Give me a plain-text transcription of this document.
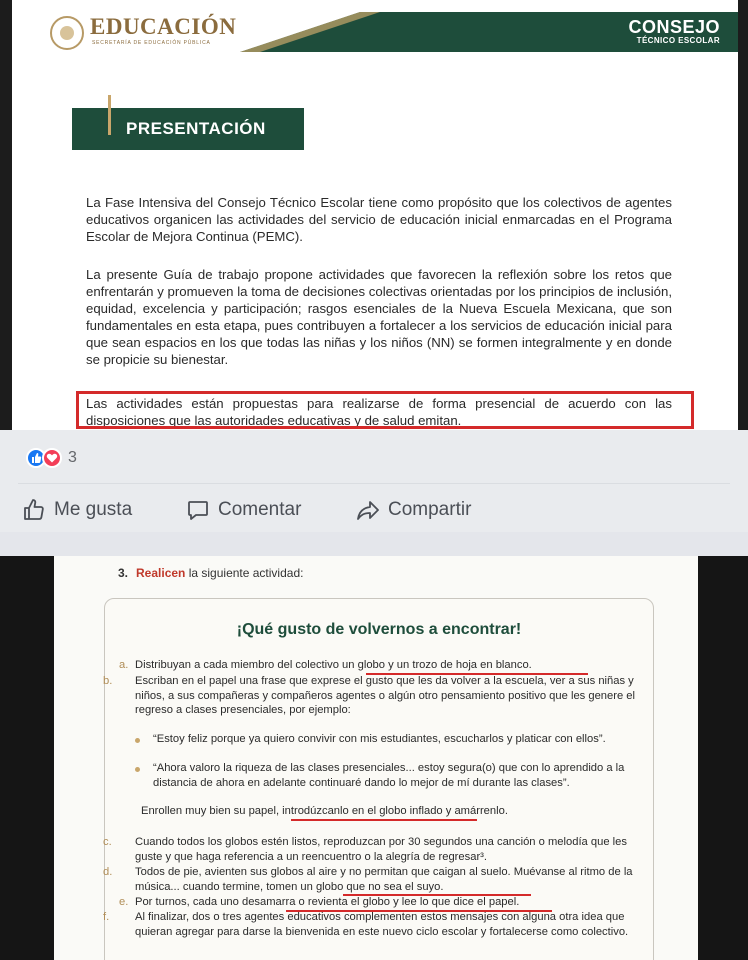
EDUCACIÓN
SECRETARÍA DE EDUCACIÓN PÚBLICA
CONSEJO
TÉCNICO ESCOLAR
PRESENTACIÓN
La Fase Intensiva del Consejo Técnico Escolar tiene como propósito que los colectivos de agentes educativos organicen las actividades del servicio de educación inicial enmarcadas en el Programa Escolar de Mejora Continua (PEMC).
La presente Guía de trabajo propone actividades que favorecen la reflexión sobre los retos que enfrentarán y promueven la toma de decisiones colectivas orientadas por los principios de inclusión, equidad, excelencia y participación; rasgos esenciales de la Nueva Escuela Mexicana, que son fundamentales en esta etapa, pues contribuyen a fortalecer a los servicios de educación inicial para que sean espacios en los que todas las niñas y los niños (NN) se formen integralmente y en donde se propicie su bienestar.
Las actividades están propuestas para realizarse de forma presencial de acuerdo con las disposiciones que las autoridades educativas y de salud emitan.
3
Me gusta	Comentar	Compartir
3. Realicen la siguiente actividad:
¡Qué gusto de volvernos a encontrar!
a. Distribuyan a cada miembro del colectivo un globo y un trozo de hoja en blanco.
b. Escriban en el papel una frase que exprese el gusto que les da volver a la escuela, ver a sus niñas y niños, a sus compañeras y compañeros agentes o algún otro pensamiento positivo que les genere el regreso a clases presenciales, por ejemplo:
“Estoy feliz porque ya quiero convivir con mis estudiantes, escucharlos y platicar con ellos”.
“Ahora valoro la riqueza de las clases presenciales... estoy segura(o) que con lo aprendido a la distancia de ahora en adelante continuaré dando lo mejor de mí durante las clases”.
Enrollen muy bien su papel, introdúzcanlo en el globo inflado y amárrenlo.
c. Cuando todos los globos estén listos, reproduzcan por 30 segundos una canción o melodía que les guste y que haga referencia a un reencuentro o la alegría de regresar³.
d. Todos de pie, avienten sus globos al aire y no permitan que caigan al suelo. Muévanse al ritmo de la música... cuando termine, tomen un globo que no sea el suyo.
e. Por turnos, cada uno desamarra o revienta el globo y lee lo que dice el papel.
f. Al finalizar, dos o tres agentes educativos complementen estos mensajes con alguna otra idea que quieran agregar para darse la bienvenida en este nuevo ciclo escolar y fortalecerse como colectivo.
